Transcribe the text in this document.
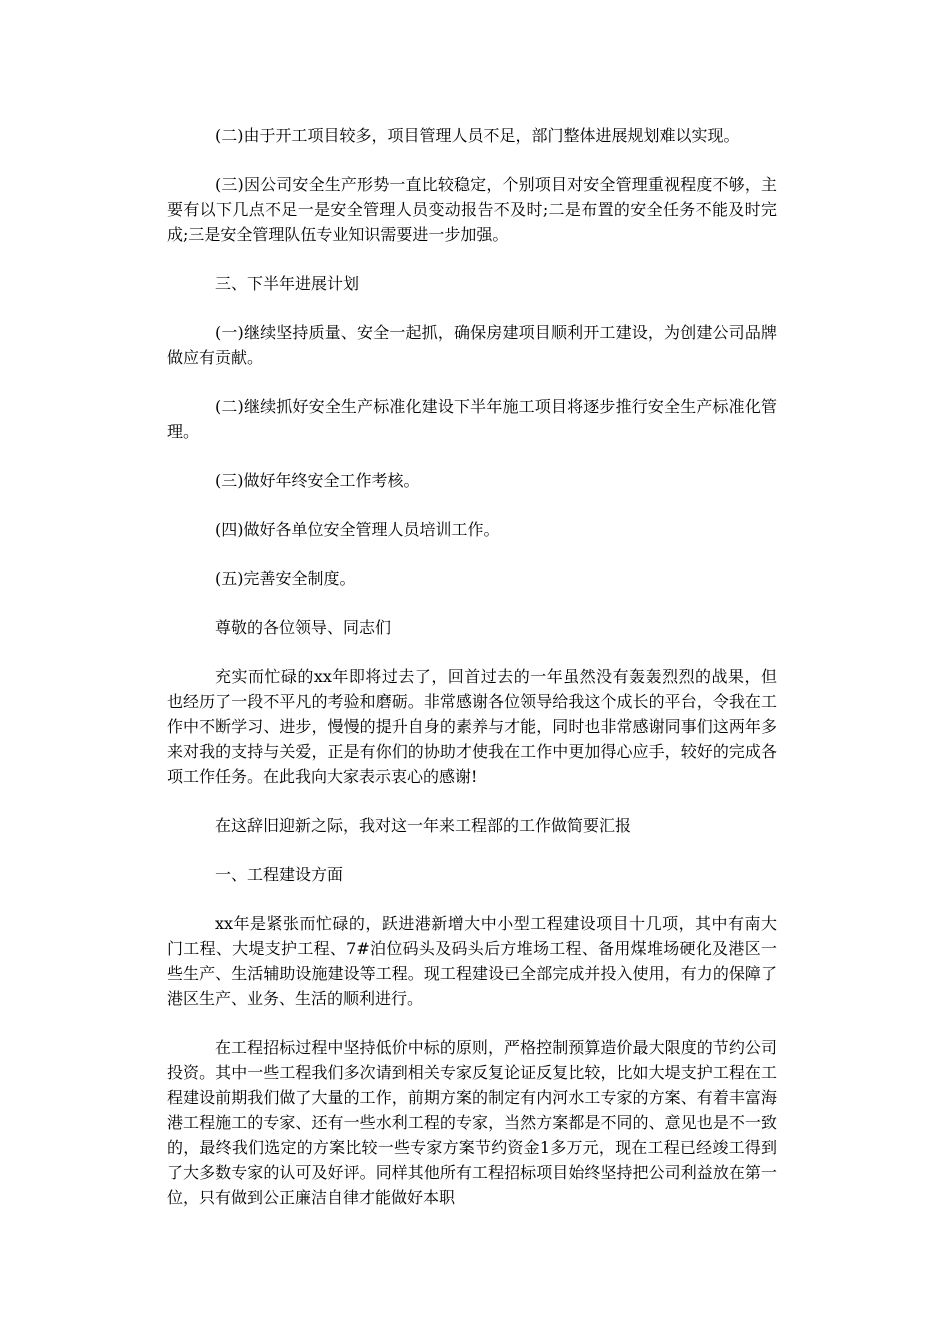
(二)由于开工项目较多，项目管理人员不足，部门整体进展规划难以实现。

(三)因公司安全生产形势一直比较稳定，个别项目对安全管理重视程度不够，主要有以下几点不足一是安全管理人员变动报告不及时;二是布置的安全任务不能及时完成;三是安全管理队伍专业知识需要进一步加强。

三、下半年进展计划

(一)继续坚持质量、安全一起抓，确保房建项目顺利开工建设，为创建公司品牌做应有贡献。

(二)继续抓好安全生产标准化建设下半年施工项目将逐步推行安全生产标准化管理。

(三)做好年终安全工作考核。

(四)做好各单位安全管理人员培训工作。

(五)完善安全制度。

尊敬的各位领导、同志们

充实而忙碌的xx年即将过去了，回首过去的一年虽然没有轰轰烈烈的战果，但也经历了一段不平凡的考验和磨砺。非常感谢各位领导给我这个成长的平台，令我在工作中不断学习、进步，慢慢的提升自身的素养与才能，同时也非常感谢同事们这两年多来对我的支持与关爱，正是有你们的协助才使我在工作中更加得心应手，较好的完成各项工作任务。在此我向大家表示衷心的感谢!

在这辞旧迎新之际，我对这一年来工程部的工作做简要汇报

一、工程建设方面

xx年是紧张而忙碌的，跃进港新增大中小型工程建设项目十几项，其中有南大门工程、大堤支护工程、7#泊位码头及码头后方堆场工程、备用煤堆场硬化及港区一些生产、生活辅助设施建设等工程。现工程建设已全部完成并投入使用，有力的保障了港区生产、业务、生活的顺利进行。

在工程招标过程中坚持低价中标的原则，严格控制预算造价最大限度的节约公司投资。其中一些工程我们多次请到相关专家反复论证反复比较，比如大堤支护工程在工程建设前期我们做了大量的工作，前期方案的制定有内河水工专家的方案、有着丰富海港工程施工的专家、还有一些水利工程的专家，当然方案都是不同的、意见也是不一致的，最终我们选定的方案比较一些专家方案节约资金1多万元，现在工程已经竣工得到了大多数专家的认可及好评。同样其他所有工程招标项目始终坚持把公司利益放在第一位，只有做到公正廉洁自律才能做好本职
